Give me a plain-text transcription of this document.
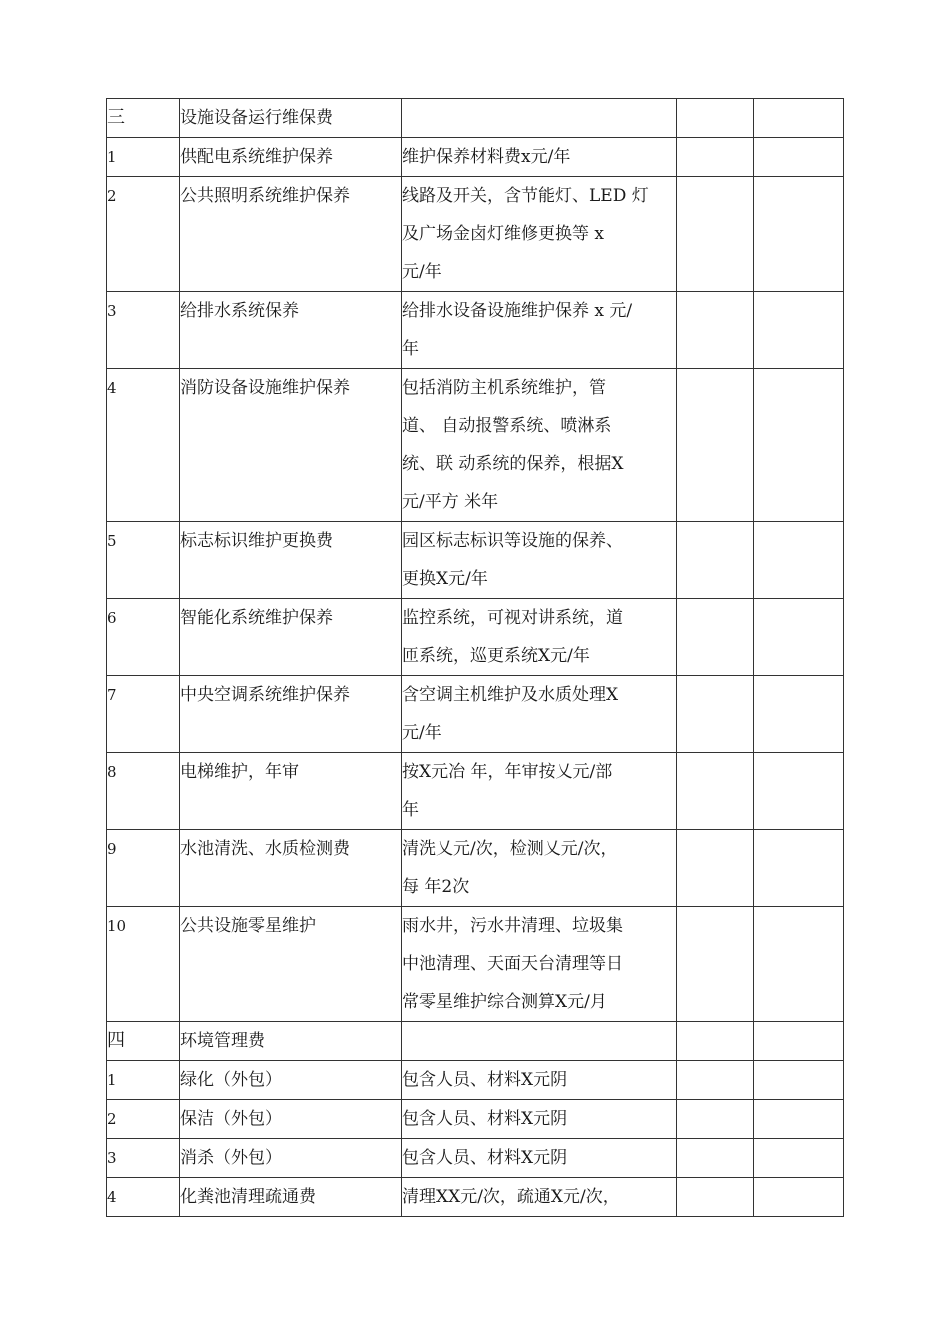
三	设施设备运行维保费			
1	供配电系统维护保养	维护保养材料费x元/年		
2	公共照明系统维护保养	线路及开关，含节能灯、LED 灯
及广场金卤灯维修更换等 x
元/年		
3	给排水系统保养	给排水设备设施维护保养 x 元/
年		
4	消防设备设施维护保养	包括消防主机系统维护，管
道、 自动报警系统、喷淋系
统、联 动系统的保养，根据X
元/平方 米年		
5	标志标识维护更换费	园区标志标识等设施的保养、
更换X元/年		
6	智能化系统维护保养	监控系统，可视对讲系统，道
匝系统，巡更系统X元/年		
7	中央空调系统维护保养	含空调主机维护及水质处理X
元/年		
8	电梯维护，年审	按X元冶 年，年审按乂元/部
年		
9	水池清洗、水质检测费	清洗乂元/次，检测乂元/次，
每 年2次		
10	公共设施零星维护	雨水井，污水井清理、垃圾集
中池清理、天面天台清理等日
常零星维护综合测算X元/月		
四	环境管理费			
1	绿化（外包）	包含人员、材料X元阴		
2	保洁（外包）	包含人员、材料X元阴		
3	消杀（外包）	包含人员、材料X元阴		
4	化粪池清理疏通费	清理XX元/次，疏通X元/次，		
